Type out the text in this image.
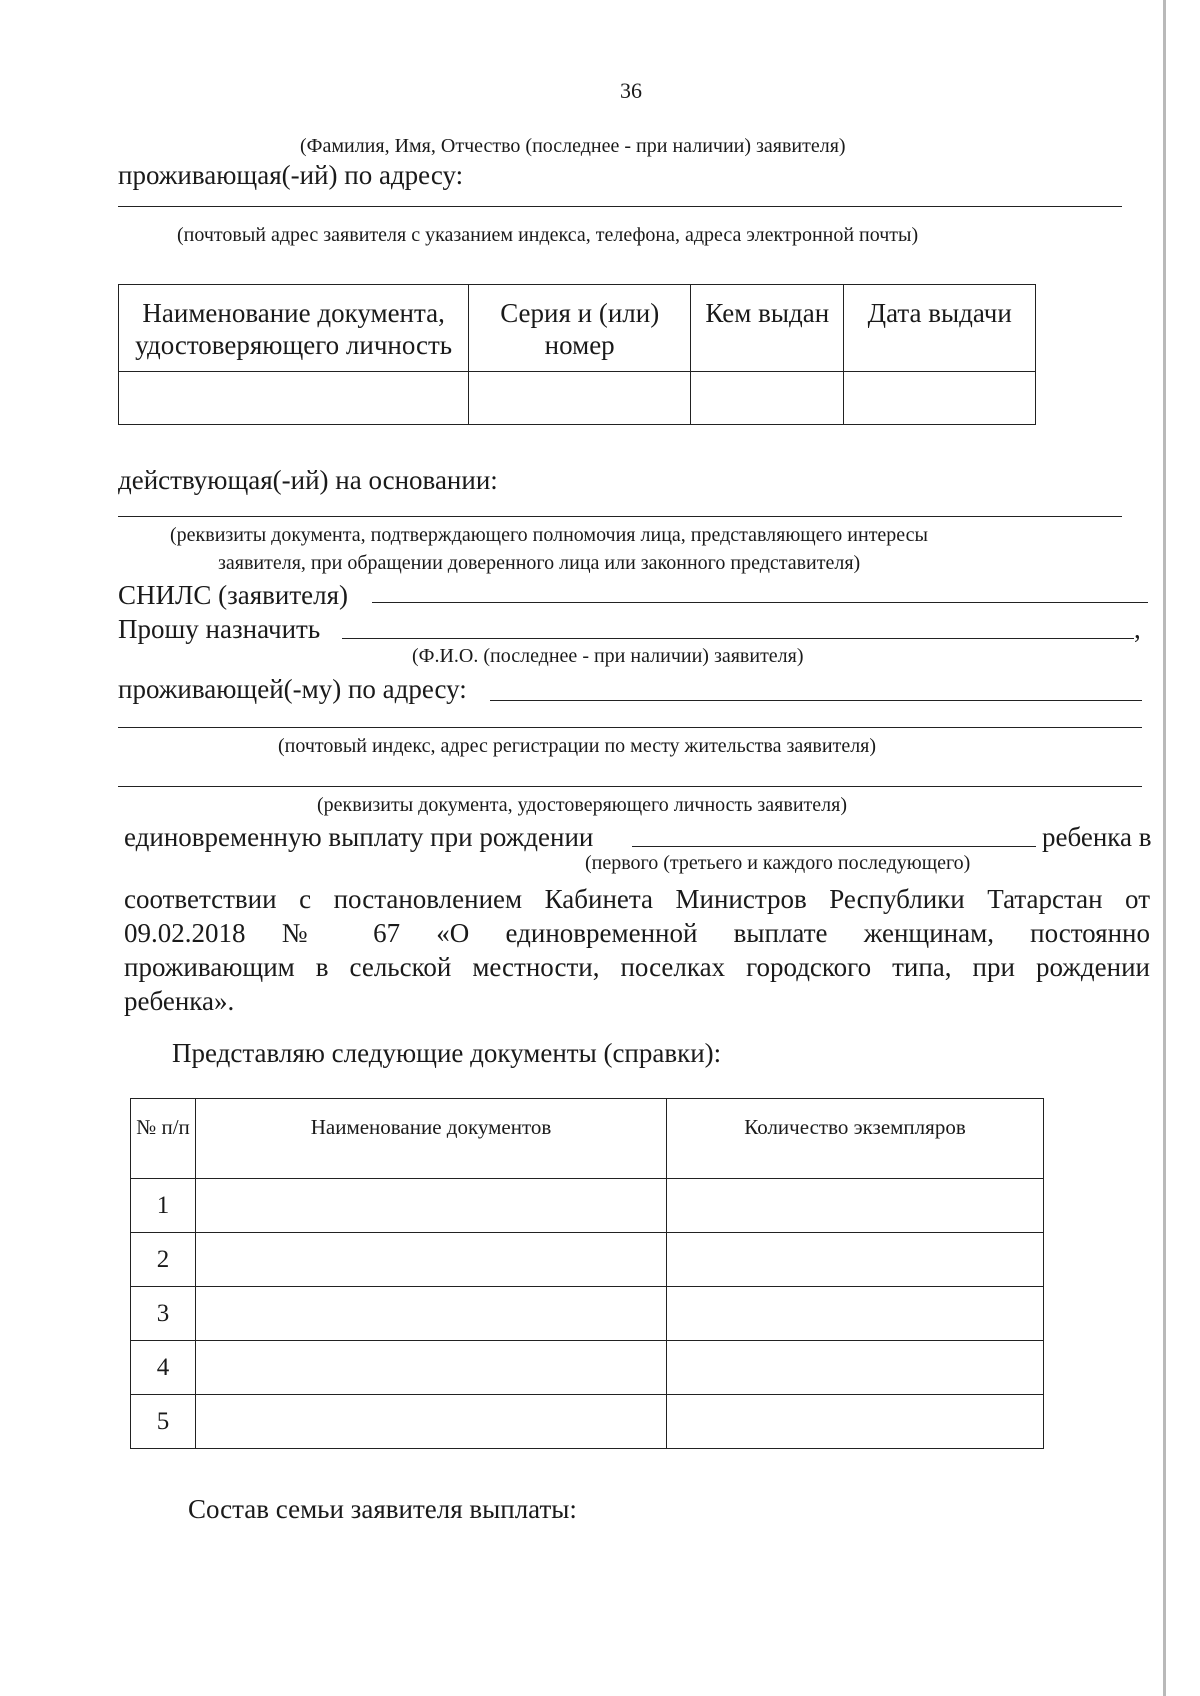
36
(Фамилия, Имя, Отчество (последнее - при наличии) заявителя)
проживающая(-ий) по адресу:
(почтовый адрес заявителя с указанием индекса, телефона, адреса электронной почты)
Наименование документа, удостоверяющего личность	Серия и (или) номер	Кем выдан	Дата выдачи

действующая(-ий) на основании:
(реквизиты документа, подтверждающего полномочия лица, представляющего интересы
заявителя, при обращении доверенного лица или законного представителя)
СНИЛС (заявителя)
Прошу назначить	,
(Ф.И.О. (последнее - при наличии) заявителя)
проживающей(-му) по адресу:
(почтовый индекс, адрес регистрации по месту жительства заявителя)
(реквизиты документа, удостоверяющего личность заявителя)
единовременную выплату при рождении	ребенка в
(первого (третьего и каждого последующего)
соответствии с постановлением Кабинета Министров Республики Татарстан от
09.02.2018 № 67 «О единовременной выплате женщинам, постоянно
проживающим в сельской местности, поселках городского типа, при рождении
ребенка».
Представляю следующие документы (справки):
№ п/п	Наименование документов	Количество экземпляров
1		
2		
3		
4		
5		
Состав семьи заявителя выплаты:
